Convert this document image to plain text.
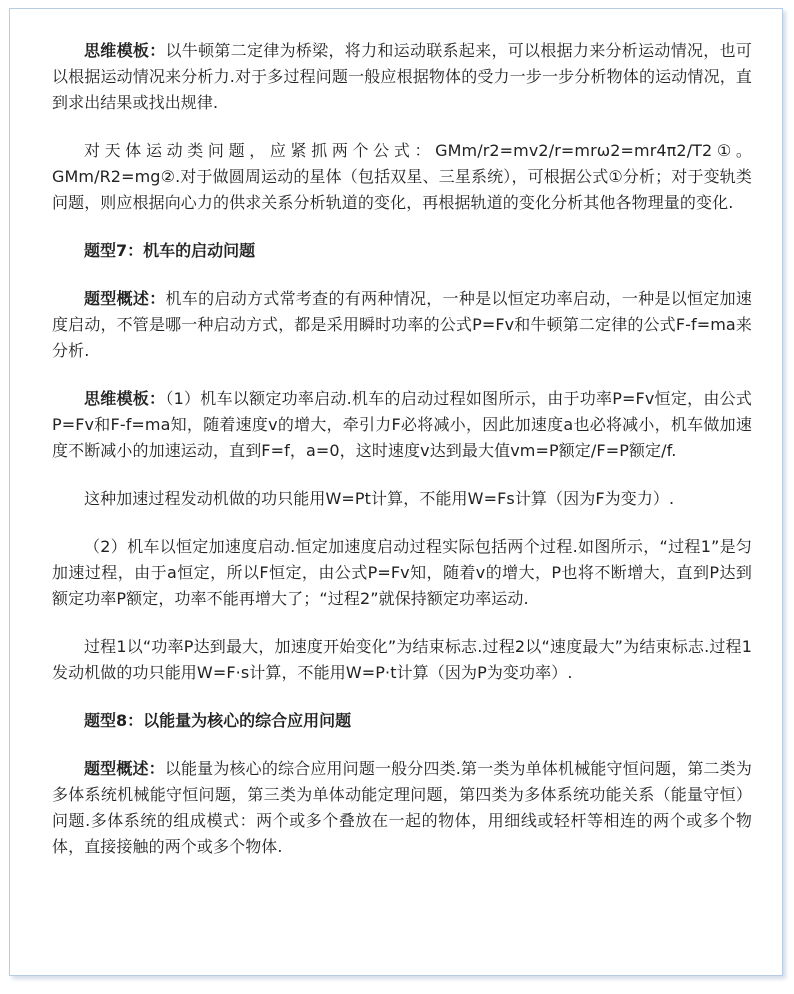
思维模板：以牛顿第二定律为桥梁，将力和运动联系起来，可以根据力来分析运动情况，也可以根据运动情况来分析力.对于多过程问题一般应根据物体的受力一步一步分析物体的运动情况，直到求出结果或找出规律.

对天体运动类问题，应紧抓两个公式：GMm/r2=mv2/r=mrω2=mr4π2/T2①。GMm/R2=mg②.对于做圆周运动的星体（包括双星、三星系统），可根据公式①分析；对于变轨类问题，则应根据向心力的供求关系分析轨道的变化，再根据轨道的变化分析其他各物理量的变化.

题型7：机车的启动问题

题型概述：机车的启动方式常考查的有两种情况，一种是以恒定功率启动，一种是以恒定加速度启动，不管是哪一种启动方式，都是采用瞬时功率的公式P=Fv和牛顿第二定律的公式F-f=ma来分析.

思维模板：（1）机车以额定功率启动.机车的启动过程如图所示，由于功率P=Fv恒定，由公式P=Fv和F-f=ma知，随着速度v的增大，牵引力F必将减小，因此加速度a也必将减小，机车做加速度不断减小的加速运动，直到F=f，a=0，这时速度v达到最大值vm=P额定/F=P额定/f.

这种加速过程发动机做的功只能用W=Pt计算，不能用W=Fs计算（因为F为变力）.

（2）机车以恒定加速度启动.恒定加速度启动过程实际包括两个过程.如图所示，“过程1”是匀加速过程，由于a恒定，所以F恒定，由公式P=Fv知，随着v的增大，P也将不断增大，直到P达到额定功率P额定，功率不能再增大了；“过程2”就保持额定功率运动.

过程1以“功率P达到最大，加速度开始变化”为结束标志.过程2以“速度最大”为结束标志.过程1发动机做的功只能用W=F·s计算，不能用W=P·t计算（因为P为变功率）.

题型8：以能量为核心的综合应用问题

题型概述：以能量为核心的综合应用问题一般分四类.第一类为单体机械能守恒问题，第二类为多体系统机械能守恒问题，第三类为单体动能定理问题，第四类为多体系统功能关系（能量守恒）问题.多体系统的组成模式：两个或多个叠放在一起的物体，用细线或轻杆等相连的两个或多个物体，直接接触的两个或多个物体.
